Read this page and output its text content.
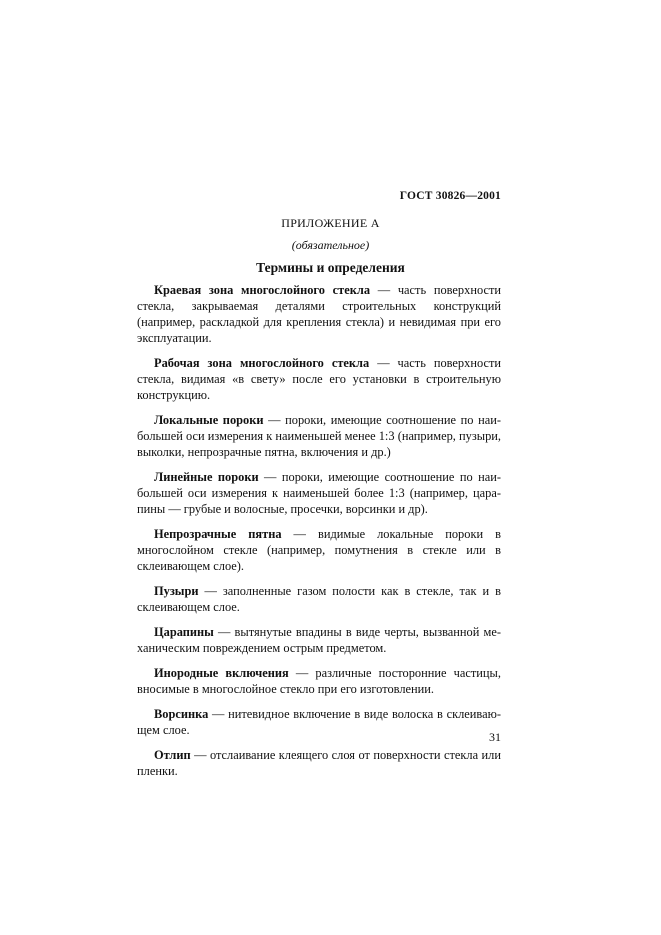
ГОСТ 30826—2001
ПРИЛОЖЕНИЕ А
(обязательное)
Термины и определения

Краевая зона многослойного стекла — часть поверхности стекла, закрываемая деталями строительных конструкций (например, раскладкой для крепления стекла) и невидимая при его эксплуатации.

Рабочая зона многослойного стекла — часть поверхности стекла, видимая «в свету» после его установки в строительную конструкцию.

Локальные пороки — пороки, имеющие соотношение по наибольшей оси измерения к наименьшей менее 1:3 (например, пузыри, выколки, непрозрачные пятна, включения и др.)

Линейные пороки — пороки, имеющие соотношение по наибольшей оси измерения к наименьшей более 1:3 (например, царапины — грубые и волосные, просечки, ворсинки и др).

Непрозрачные пятна — видимые локальные пороки в многослойном стекле (например, помутнения в стекле или в склеивающем слое).

Пузыри — заполненные газом полости как в стекле, так и в склеивающем слое.

Царапины — вытянутые впадины в виде черты, вызванной механическим повреждением острым предметом.

Инородные включения — различные посторонние частицы, вносимые в многослойное стекло при его изготовлении.

Ворсинка — нитевидное включение в виде волоска в склеивающем слое.

Отлип — отслаивание клеящего слоя от поверхности стекла или пленки.

31
